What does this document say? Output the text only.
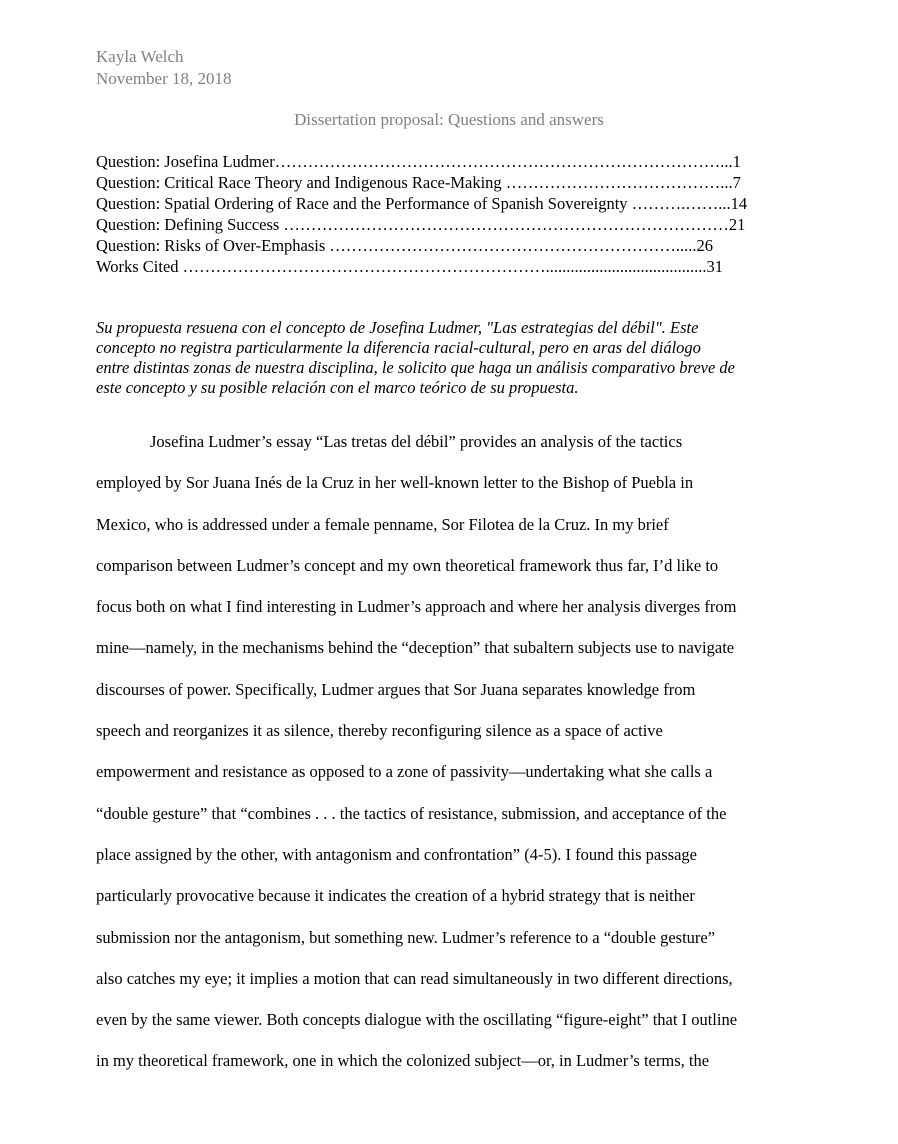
Kayla Welch
November 18, 2018
Dissertation proposal: Questions and answers
Question: Josefina Ludmer………………………………………………………………………...1
Question: Critical Race Theory and Indigenous Race-Making …………………………………...7
Question: Spatial Ordering of Race and the Performance of Spanish Sovereignty ……….……...14
Question: Defining Success ………………………………………………………………………21
Question: Risks of Over-Emphasis ……………………………………………………….....26
Works Cited ………………………………………………………….......................................31

Su propuesta resuena con el concepto de Josefina Ludmer, "Las estrategias del débil". Este
concepto no registra particularmente la diferencia racial-cultural, pero en aras del diálogo
entre distintas zonas de nuestra disciplina, le solicito que haga un análisis comparativo breve de
este concepto y su posible relación con el marco teórico de su propuesta.

Josefina Ludmer’s essay “Las tretas del débil” provides an analysis of the tactics
employed by Sor Juana Inés de la Cruz in her well-known letter to the Bishop of Puebla in
Mexico, who is addressed under a female penname, Sor Filotea de la Cruz. In my brief
comparison between Ludmer’s concept and my own theoretical framework thus far, I’d like to
focus both on what I find interesting in Ludmer’s approach and where her analysis diverges from
mine—namely, in the mechanisms behind the “deception” that subaltern subjects use to navigate
discourses of power. Specifically, Ludmer argues that Sor Juana separates knowledge from
speech and reorganizes it as silence, thereby reconfiguring silence as a space of active
empowerment and resistance as opposed to a zone of passivity—undertaking what she calls a
“double gesture” that “combines . . . the tactics of resistance, submission, and acceptance of the
place assigned by the other, with antagonism and confrontation” (4-5). I found this passage
particularly provocative because it indicates the creation of a hybrid strategy that is neither
submission nor the antagonism, but something new. Ludmer’s reference to a “double gesture”
also catches my eye; it implies a motion that can read simultaneously in two different directions,
even by the same viewer. Both concepts dialogue with the oscillating “figure-eight” that I outline
in my theoretical framework, one in which the colonized subject—or, in Ludmer’s terms, the
